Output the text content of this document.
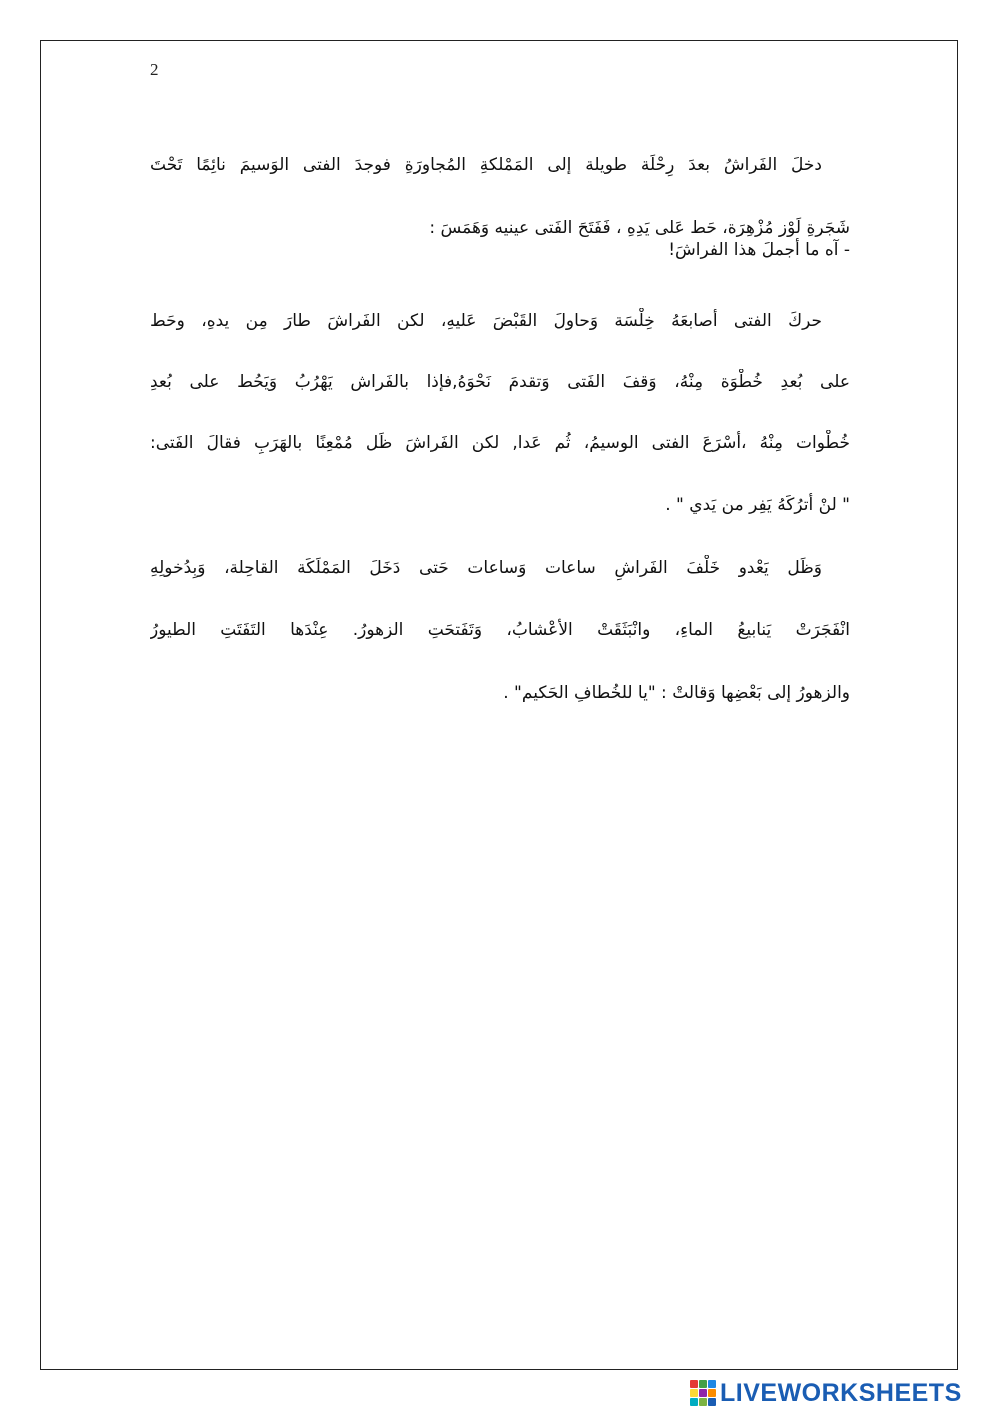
2
دخلَ الفَراشُ بعدَ رِحْلَة طويلة إلى المَمْلكةِ المُجاورَةِ فوجدَ الفتى الوَسيمَ نائِمًا تَحْتَ
شَجَرةِ لَوْز مُزْهِرَة، حَط عَلى يَدِهِ ، فَفَتَحَ الفَتى عينيه وَهَمَسَ :
- آه ما أجملَ هذا الفراشَ!
حركَ الفتى أصابعَهُ خِلْسَة وَحاولَ القَبْضَ عَليهِ، لكن الفَراشَ طارَ مِن يدهِ، وحَط
على بُعدِ خُطْوَة مِنْهُ، وَقفَ الفَتى وَتقدمَ نَحْوَهُ,فإذا بالفَراش يَهْرُبُ وَيَحُط على بُعدِ
خُطْوات مِنْهُ ،أسْرَعَ الفتى الوسيمُ، ثُم عَدا, لكن الفَراشَ ظَل مُمْعِنًا بالهَرَبِ فقالَ الفَتى:
" لنْ أترُكَهُ يَفِر من يَدي " .
وَظَل يَعْدو خَلْفَ الفَراشِ ساعات وَساعات حَتى دَخَلَ المَمْلَكَة القاحِلة، وَبِدُخولِهِ
انْفَجَرَتْ يَنابيعُ الماءِ، وانْبَثَقَتْ الأعْشابُ، وَتَفَتحَتِ الزهورُ. عِنْدَها التَفَتَتِ الطيورُ
والزهورُ إلى بَعْضِها وَقالتْ : "يا للخُطافِ الحَكيم" .
LIVEWORKSHEETS
